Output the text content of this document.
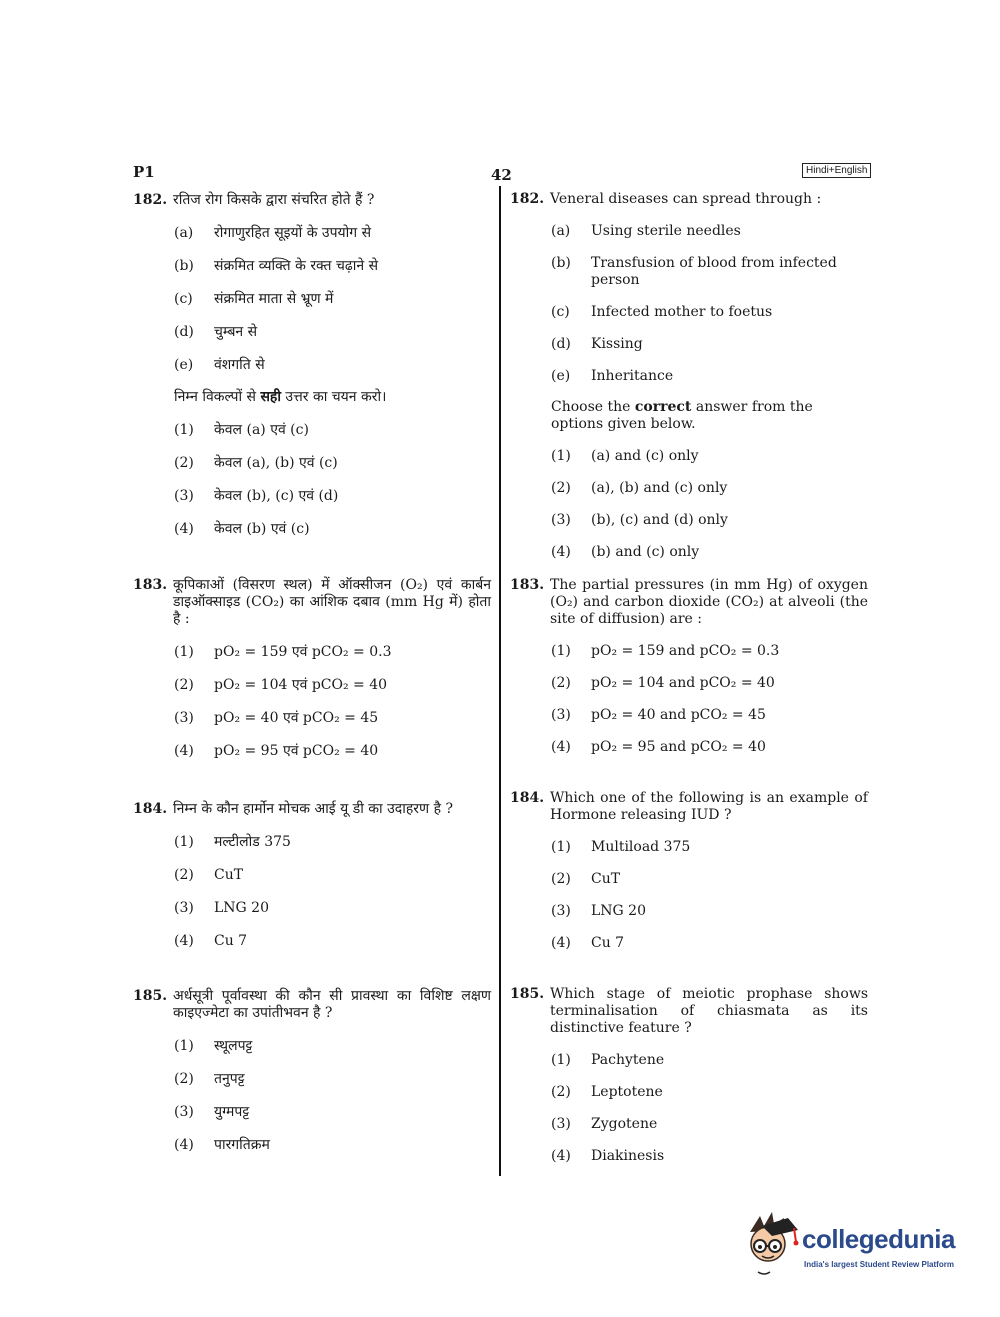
P1	42	Hindi+English
182. रतिज रोग किसके द्वारा संचरित होते हैं ?
(a)	रोगाणुरहित सूइयों के उपयोग से
(b)	संक्रमित व्यक्ति के रक्त चढ़ाने से
(c)	संक्रमित माता से भ्रूण में
(d)	चुम्बन से
(e)	वंशगति से
निम्न विकल्पों से सही उत्तर का चयन करो।
(1)	केवल (a) एवं (c)
(2)	केवल (a), (b) एवं (c)
(3)	केवल (b), (c) एवं (d)
(4)	केवल (b) एवं (c)
183. कूपिकाओं (विसरण स्थल) में ऑक्सीजन (O₂) एवं कार्बन डाइऑक्साइड (CO₂) का आंशिक दबाव (mm Hg में) होता है :
(1)	pO₂ = 159 एवं pCO₂ = 0.3
(2)	pO₂ = 104 एवं pCO₂ = 40
(3)	pO₂ = 40 एवं pCO₂ = 45
(4)	pO₂ = 95 एवं pCO₂ = 40
184. निम्न के कौन हार्मोन मोचक आई यू डी का उदाहरण है ?
(1)	मल्टीलोड 375
(2)	CuT
(3)	LNG 20
(4)	Cu 7
185. अर्धसूत्री पूर्वावस्था की कौन सी प्रावस्था का विशिष्ट लक्षण काइएज्मेटा का उपांतीभवन है ?
(1)	स्थूलपट्ट
(2)	तनुपट्ट
(3)	युग्मपट्ट
(4)	पारगतिक्रम
182. Veneral diseases can spread through :
(a)	Using sterile needles
(b)	Transfusion of blood from infected person
(c)	Infected mother to foetus
(d)	Kissing
(e)	Inheritance
Choose the correct answer from the options given below.
(1)	(a) and (c) only
(2)	(a), (b) and (c) only
(3)	(b), (c) and (d) only
(4)	(b) and (c) only
183. The partial pressures (in mm Hg) of oxygen (O₂) and carbon dioxide (CO₂) at alveoli (the site of diffusion) are :
(1)	pO₂ = 159 and pCO₂ = 0.3
(2)	pO₂ = 104 and pCO₂ = 40
(3)	pO₂ = 40 and pCO₂ = 45
(4)	pO₂ = 95 and pCO₂ = 40
184. Which one of the following is an example of Hormone releasing IUD ?
(1)	Multiload 375
(2)	CuT
(3)	LNG 20
(4)	Cu 7
185. Which stage of meiotic prophase shows terminalisation of chiasmata as its distinctive feature ?
(1)	Pachytene
(2)	Leptotene
(3)	Zygotene
(4)	Diakinesis
collegedunia
India's largest Student Review Platform
